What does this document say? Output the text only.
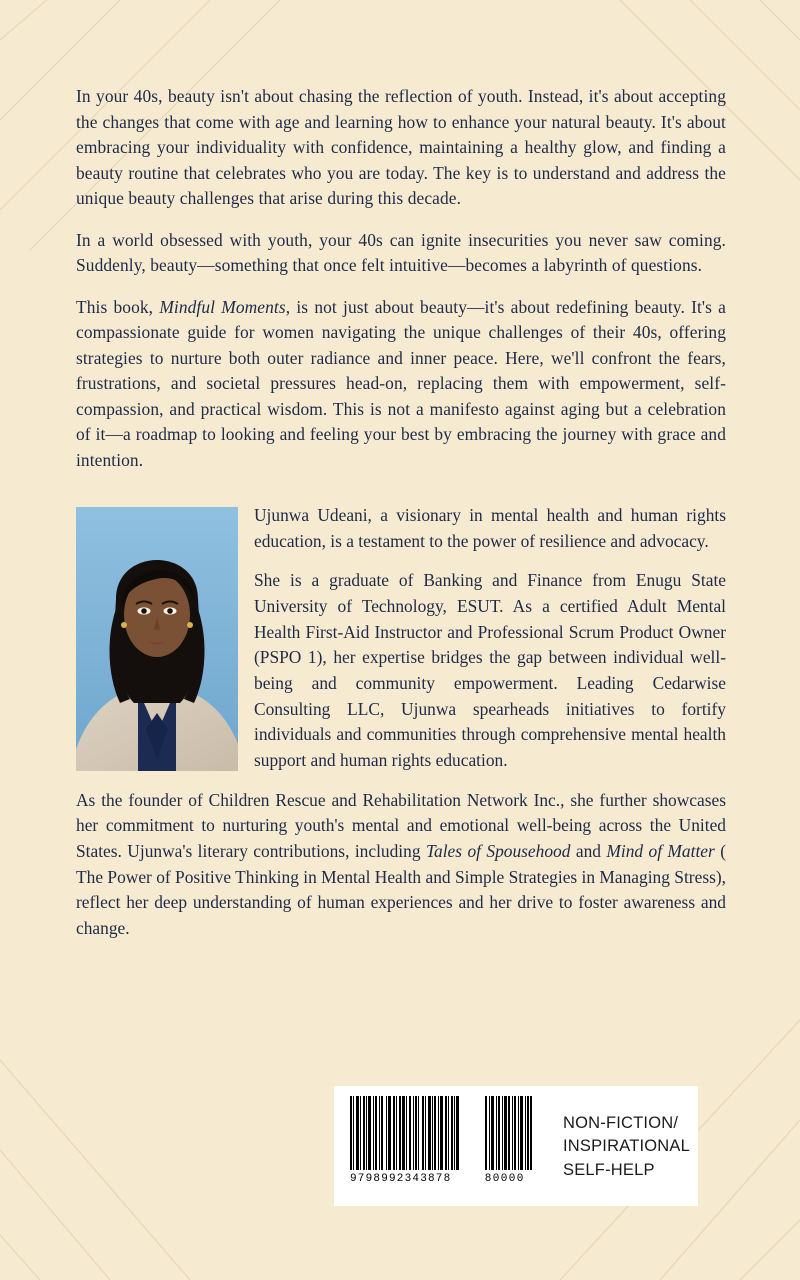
In your 40s, beauty isn't about chasing the reflection of youth. Instead, it's about accepting the changes that come with age and learning how to enhance your natural beauty. It's about embracing your individuality with confidence, maintaining a healthy glow, and finding a beauty routine that celebrates who you are today. The key is to understand and address the unique beauty challenges that arise during this decade.

In a world obsessed with youth, your 40s can ignite insecurities you never saw coming. Suddenly, beauty—something that once felt intuitive—becomes a labyrinth of questions.

This book, Mindful Moments, is not just about beauty—it's about redefining beauty. It's a compassionate guide for women navigating the unique challenges of their 40s, offering strategies to nurture both outer radiance and inner peace. Here, we'll confront the fears, frustrations, and societal pressures head-on, replacing them with empowerment, self-compassion, and practical wisdom. This is not a manifesto against aging but a celebration of it—a roadmap to looking and feeling your best by embracing the journey with grace and intention.

Ujunwa Udeani, a visionary in mental health and human rights education, is a testament to the power of resilience and advocacy.

She is a graduate of Banking and Finance from Enugu State University of Technology, ESUT. As a certified Adult Mental Health First-Aid Instructor and Professional Scrum Product Owner (PSPO 1), her expertise bridges the gap between individual well-being and community empowerment. Leading Cedarwise Consulting LLC, Ujunwa spearheads initiatives to fortify individuals and communities through comprehensive mental health support and human rights education.

As the founder of Children Rescue and Rehabilitation Network Inc., she further showcases her commitment to nurturing youth's mental and emotional well-being across the United States. Ujunwa's literary contributions, including Tales of Spousehood and Mind of Matter ( The Power of Positive Thinking in Mental Health and Simple Strategies in Managing Stress), reflect her deep understanding of human experiences and her drive to foster awareness and change.

9798992343878	80000
NON-FICTION/
INSPIRATIONAL
SELF-HELP
